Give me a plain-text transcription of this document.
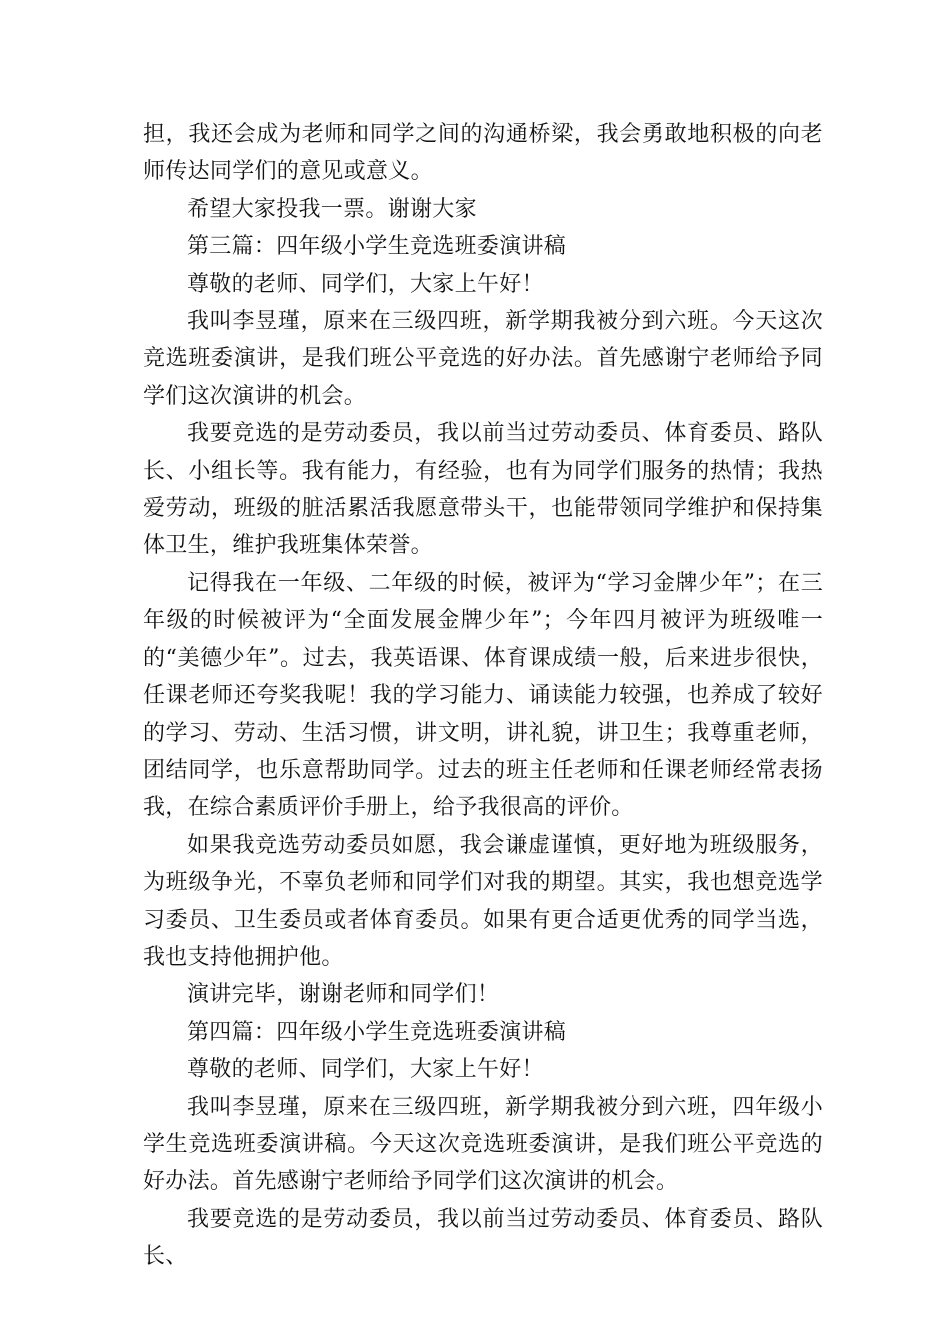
担，我还会成为老师和同学之间的沟通桥梁，我会勇敢地积极的向老师传达同学们的意见或意义。

希望大家投我一票。谢谢大家

第三篇：四年级小学生竞选班委演讲稿

尊敬的老师、同学们，大家上午好！

我叫李昱瑾，原来在三级四班，新学期我被分到六班。今天这次竞选班委演讲，是我们班公平竞选的好办法。首先感谢宁老师给予同学们这次演讲的机会。

我要竞选的是劳动委员，我以前当过劳动委员、体育委员、路队长、小组长等。我有能力，有经验，也有为同学们服务的热情；我热爱劳动，班级的脏活累活我愿意带头干，也能带领同学维护和保持集体卫生，维护我班集体荣誉。

记得我在一年级、二年级的时候，被评为“学习金牌少年”；在三年级的时候被评为“全面发展金牌少年”；今年四月被评为班级唯一的“美德少年”。过去，我英语课、体育课成绩一般，后来进步很快，任课老师还夸奖我呢！我的学习能力、诵读能力较强，也养成了较好的学习、劳动、生活习惯，讲文明，讲礼貌，讲卫生；我尊重老师，团结同学，也乐意帮助同学。过去的班主任老师和任课老师经常表扬我，在综合素质评价手册上，给予我很高的评价。

如果我竞选劳动委员如愿，我会谦虚谨慎，更好地为班级服务，为班级争光，不辜负老师和同学们对我的期望。其实，我也想竞选学习委员、卫生委员或者体育委员。如果有更合适更优秀的同学当选，我也支持他拥护他。

演讲完毕，谢谢老师和同学们！

第四篇：四年级小学生竞选班委演讲稿

尊敬的老师、同学们，大家上午好！

我叫李昱瑾，原来在三级四班，新学期我被分到六班，四年级小学生竞选班委演讲稿。今天这次竞选班委演讲，是我们班公平竞选的好办法。首先感谢宁老师给予同学们这次演讲的机会。

我要竞选的是劳动委员，我以前当过劳动委员、体育委员、路队长、
